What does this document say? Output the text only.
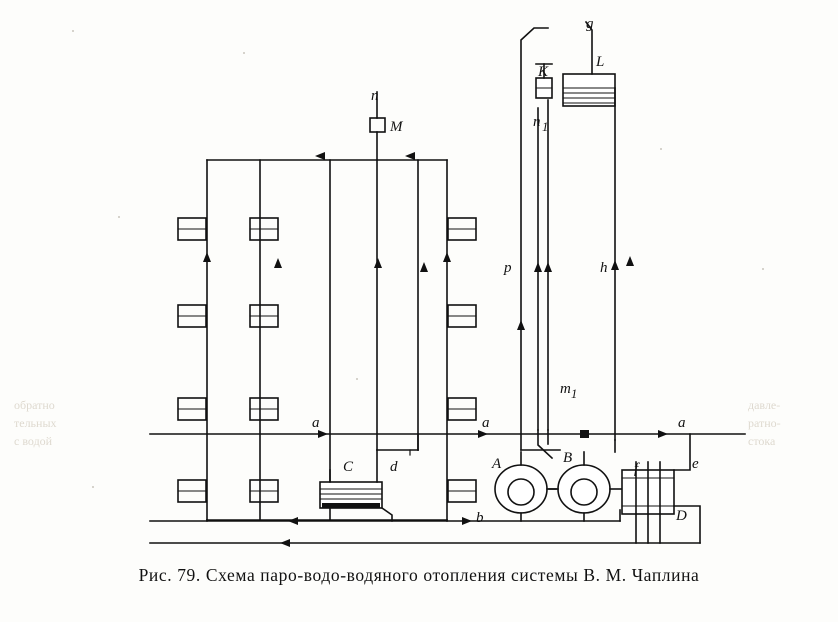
n
M
g
L
K
n 1
p	h
m 1
a	a	a
A	B
C d
b
e
f
D
обратно
тельных
с водой
давле-
ратно-
стока
Рис. 79. Схема паро-водо-водяного отопления системы В. М. Чаплина
